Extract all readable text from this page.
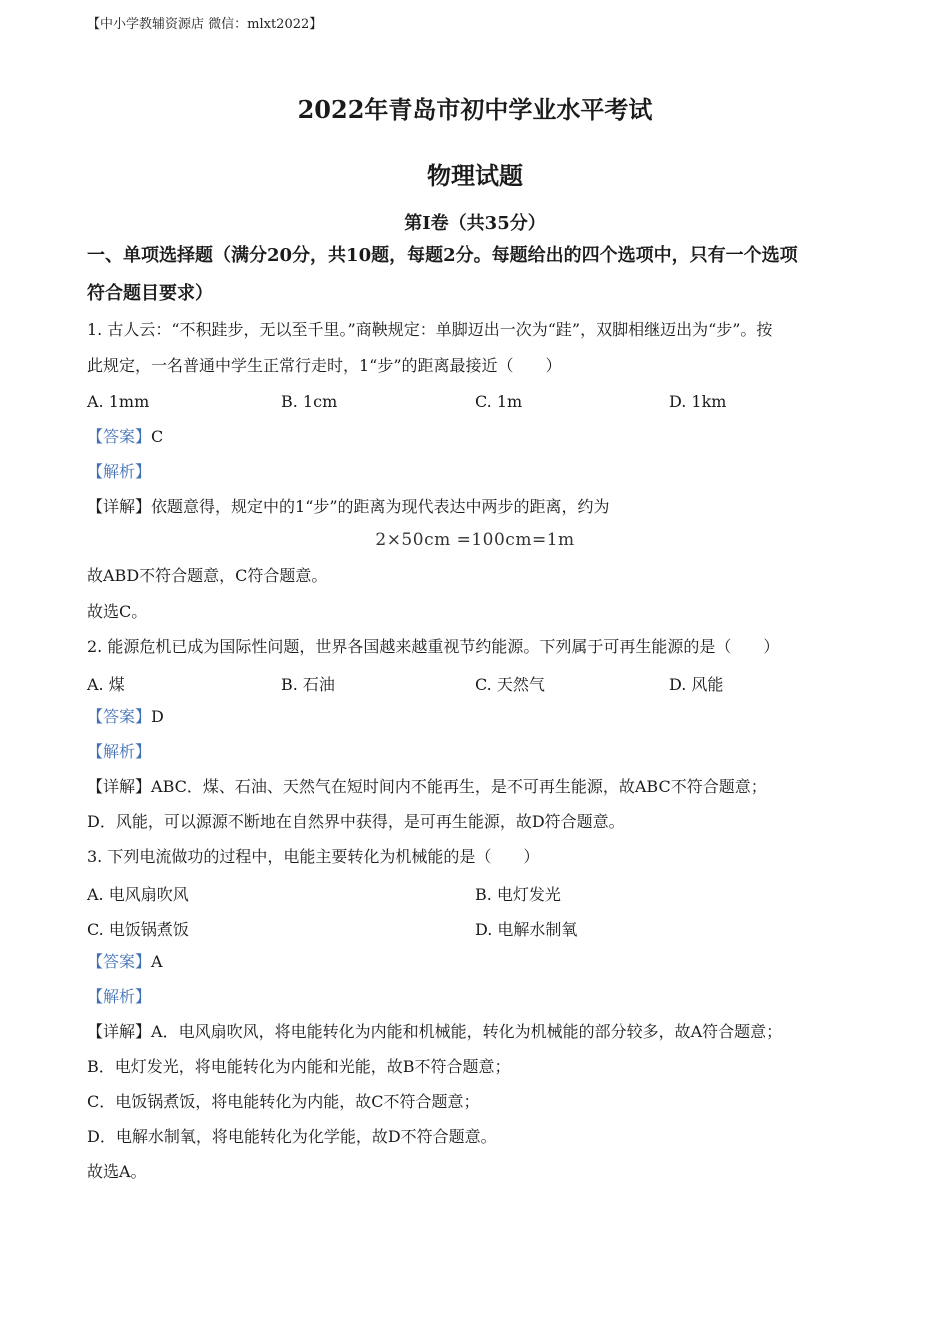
【中小学教辅资源店 微信：mlxt2022】
2022年青岛市初中学业水平考试
物理试题
第Ⅰ卷（共35分）
一、单项选择题（满分20分，共10题，每题2分。每题给出的四个选项中，只有一个选项
符合题目要求）
1. 古人云：“不积跬步，无以至千里。”商鞅规定：单脚迈出一次为“跬”，双脚相继迈出为“步”。按
此规定，一名普通中学生正常行走时，1“步”的距离最接近（　　）
A. 1mm	B. 1cm	C. 1m	D. 1km
【答案】C
【解析】
【详解】依题意得，规定中的1“步”的距离为现代表达中两步的距离，约为
2×50cm =100cm=1m
故ABD不符合题意，C符合题意。
故选C。
2. 能源危机已成为国际性问题，世界各国越来越重视节约能源。下列属于可再生能源的是（　　）
A. 煤	B. 石油	C. 天然气	D. 风能
【答案】D
【解析】
【详解】ABC．煤、石油、天然气在短时间内不能再生，是不可再生能源，故ABC不符合题意；
D．风能，可以源源不断地在自然界中获得，是可再生能源，故D符合题意。
3. 下列电流做功的过程中，电能主要转化为机械能的是（　　）
A. 电风扇吹风	B. 电灯发光
C. 电饭锅煮饭	D. 电解水制氧
【答案】A
【解析】
【详解】A．电风扇吹风，将电能转化为内能和机械能，转化为机械能的部分较多，故A符合题意；
B．电灯发光，将电能转化为内能和光能，故B不符合题意；
C．电饭锅煮饭，将电能转化为内能，故C不符合题意；
D．电解水制氧，将电能转化为化学能，故D不符合题意。
故选A。
